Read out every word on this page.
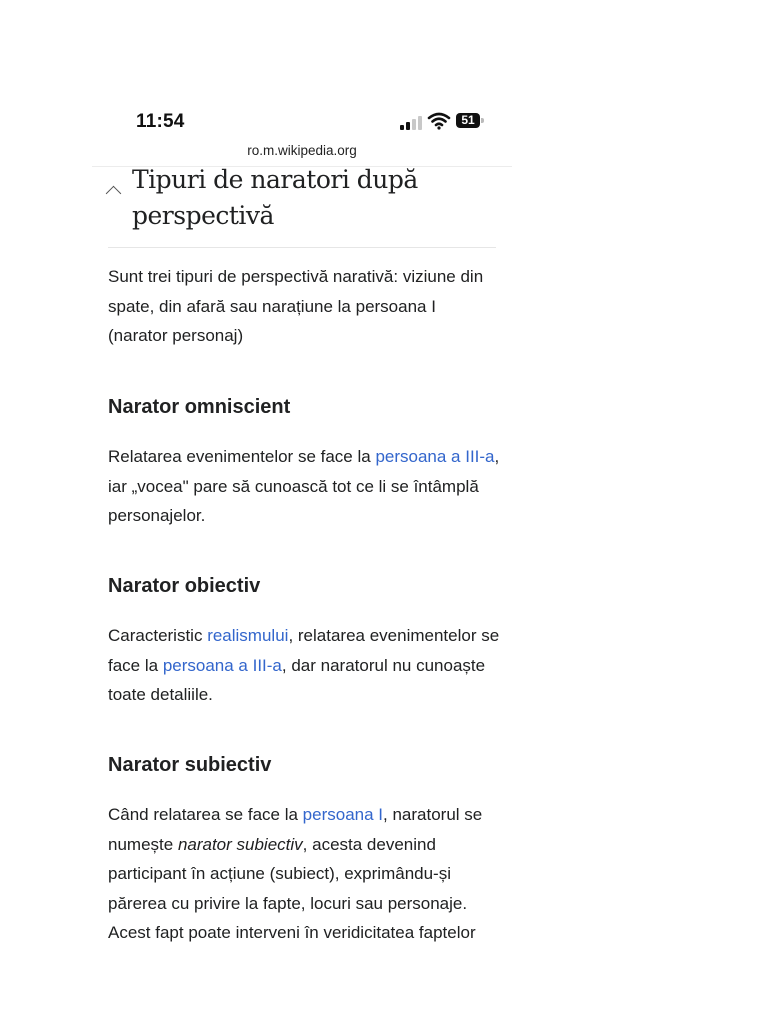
11:54	51
ro.m.wikipedia.org
Tipuri de naratori după perspectivă
Sunt trei tipuri de perspectivă narativă: viziune din spate, din afară sau narațiune la persoana I (narator personaj)
Narator omniscient
Relatarea evenimentelor se face la persoana a III-a, iar „vocea" pare să cunoască tot ce li se întâmplă personajelor.
Narator obiectiv
Caracteristic realismului, relatarea evenimentelor se face la persoana a III-a, dar naratorul nu cunoaște toate detaliile.
Narator subiectiv
Când relatarea se face la persoana I, naratorul se numește narator subiectiv, acesta devenind participant în acțiune (subiect), exprimându-și părerea cu privire la fapte, locuri sau personaje.
Acest fapt poate interveni în veridicitatea faptelor
